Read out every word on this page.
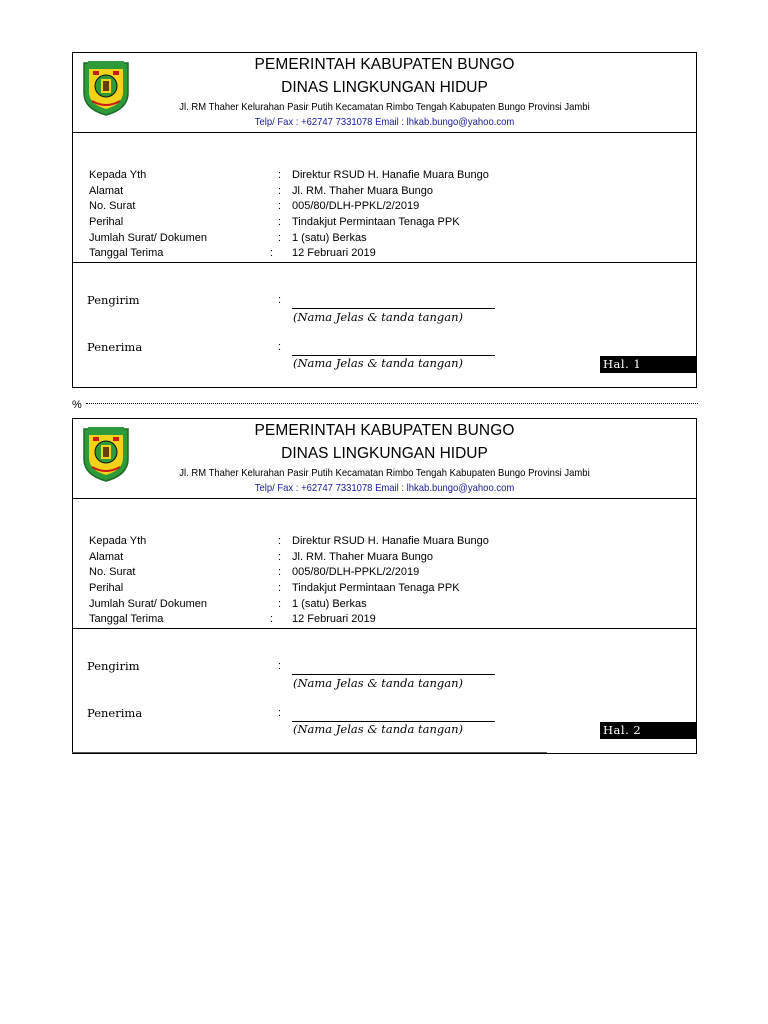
%
PEMERINTAH KABUPATEN BUNGO
DINAS LINGKUNGAN HIDUP
Jl. RM Thaher Kelurahan Pasir Putih Kecamatan Rimbo Tengah Kabupaten Bungo Provinsi Jambi
Telp/ Fax : +62747 7331078 Email : lhkab.bungo@yahoo.com
Kepada Yth	: Direktur RSUD H. Hanafie Muara Bungo
Alamat	: Jl. RM. Thaher Muara Bungo
No. Surat	: 005/80/DLH-PPKL/2/2019
Perihal	: Tindakjut Permintaan Tenaga PPK
Jumlah Surat/ Dokumen	: 1 (satu) Berkas
Tanggal Terima	: 12 Februari 2019
Pengirim	:
(Nama Jelas & tanda tangan)
Penerima	:
(Nama Jelas & tanda tangan)	Hal. 1
PEMERINTAH KABUPATEN BUNGO
DINAS LINGKUNGAN HIDUP
Jl. RM Thaher Kelurahan Pasir Putih Kecamatan Rimbo Tengah Kabupaten Bungo Provinsi Jambi
Telp/ Fax : +62747 7331078 Email : lhkab.bungo@yahoo.com
Kepada Yth	: Direktur RSUD H. Hanafie Muara Bungo
Alamat	: Jl. RM. Thaher Muara Bungo
No. Surat	: 005/80/DLH-PPKL/2/2019
Perihal	: Tindakjut Permintaan Tenaga PPK
Jumlah Surat/ Dokumen	: 1 (satu) Berkas
Tanggal Terima	: 12 Februari 2019
Pengirim	:
(Nama Jelas & tanda tangan)
Penerima	:
(Nama Jelas & tanda tangan)	Hal. 2
